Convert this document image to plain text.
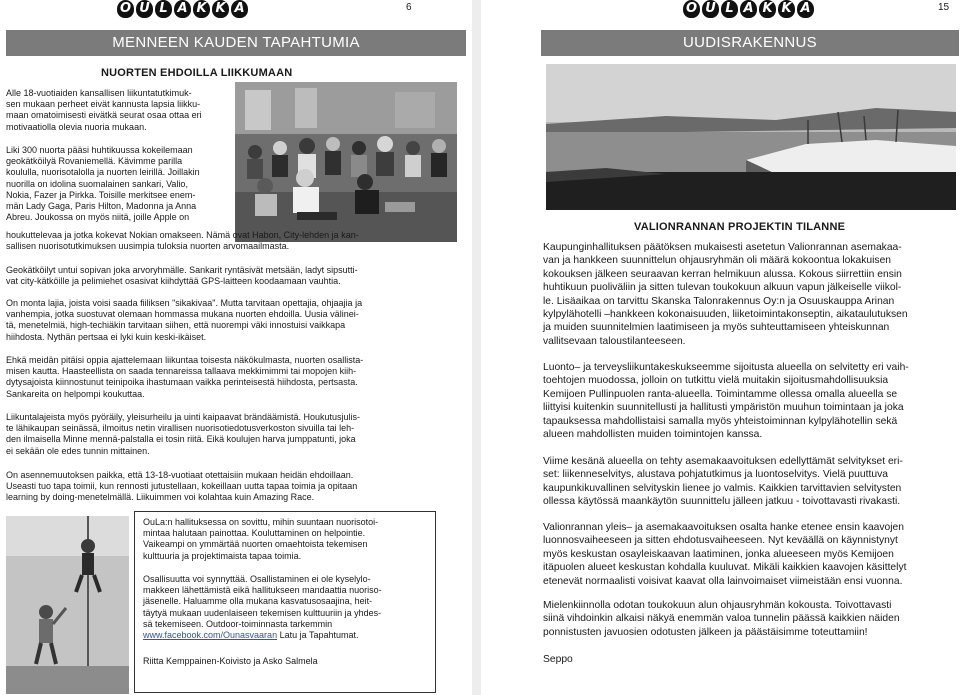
O U L A K K A	6
MENNEEN KAUDEN TAPAHTUMIA
NUORTEN EHDOILLA LIIKKUMAAN

Alle 18-vuotiaiden kansallisen liikuntatutkimuk-
sen mukaan perheet eivät kannusta lapsia liikku-
maan omatoimisesti eivätkä seurat osaa ottaa eri
motivaatiolla olevia nuoria mukaan.

Liki 300 nuorta pääsi huhtikuussa kokeilemaan
geokätköilyä Rovaniemellä. Kävimme parilla
koululla, nuorisotalolla ja nuorten leirillä. Joillakin
nuorilla on idolina suomalainen sankari, Valio,
Nokia, Fazer ja Pirkka. Toisille merkitsee enem-
män Lady Gaga, Paris Hilton, Madonna ja Anna
Abreu. Joukossa on myös niitä, joille Apple on

houkuttelevaa ja jotka kokevat Nokian omakseen. Nämä ovat Habon, City-lehden ja kan-
sallisen nuorisotutkimuksen uusimpia tuloksia nuorten arvomaailmasta.

Geokätköilyt untui sopivan joka arvoryhmälle. Sankarit ryntäsivät metsään, ladyt sipsutti-
vat city-kätköille ja pelimiehet osasivat kiihdyttää GPS-laitteen koodaamaan vauhtia.

On monta lajia, joista voisi saada fiiliksen "sikakivaa". Mutta tarvitaan opettajia, ohjaajia ja
vanhempia, jotka suostuvat olemaan hommassa mukana nuorten ehdoilla. Uusia välinei-
tä, menetelmiä, high-techiäkin tarvitaan siihen, että nuorempi väki innostuisi vaikkapa
hiihdosta. Nythän pertsaa ei lyki kuin keski-ikäiset.

Ehkä meidän pitäisi oppia ajattelemaan liikuntaa toisesta näkökulmasta, nuorten osallista-
misen kautta. Haasteellista on saada tennareissa tallaava mekkimimmi tai mopojen kiih-
dytysajoista kiinnostunut teinipoika ihastumaan vaikka perinteisestä hiihdosta, pertsasta.
Sankareita on helpompi koukuttaa.

Liikuntalajeista myös pyöräily, yleisurheilu ja uinti kaipaavat brändäämistä. Houkutusjulis-
te lähikaupan seinässä, ilmoitus netin virallisen nuorisotiedotusverkoston sivuilla tai leh-
den ilmaisella Minne mennä-palstalla ei tosin riitä. Eikä koulujen harva jumppatunti, joka
ei sekään ole edes tunnin mittainen.

On asennemuutoksen paikka, että 13-18-vuotiaat otettaisiin mukaan heidän ehdoillaan.
Useasti tuo tapa toimii, kun rennosti jutustellaan, kokeillaan uutta tapaa toimia ja opitaan
learning by doing-menetelmällä. Liikuimmen voi kolahtaa kuin Amazing Race.

OuLa:n hallituksessa on sovittu, mihin suuntaan nuorisotoi-
mintaa halutaan painottaa. Kouluttaminen on helpointie.
Vaikeampi on ymmärtää nuorten omaehtoista tekemisen
kulttuuria ja projektimaista tapaa toimia.

Osallisuutta voi synnyttää. Osallistaminen ei ole kyselylo-
makkeen lähettämistä eikä hallitukseen mandaattia nuoriso-
jäsenelle. Haluamme olla mukana kasvatusosaajina, heit-
täytyä mukaan uudenlaiseen tekemisen kulttuuriin ja yhdes-
sä tekemiseen. Outdoor-toiminnasta tarkemmin
www.facebook.com/Ounasvaaran Latu ja Tapahtumat.

Riitta Kemppainen-Koivisto ja Asko Salmela

O U L A K K A	15
UUDISRAKENNUS
VALIONRANNAN PROJEKTIN TILANNE

Kaupunginhallituksen päätöksen mukaisesti asetetun Valionrannan asemakaa-
van ja hankkeen suunnittelun ohjausryhmän oli määrä kokoontua lokakuisen
kokouksen jälkeen seuraavan kerran helmikuun alussa. Kokous siirrettiin ensin
huhtikuun puoliväliin ja sitten tulevan toukokuun alkuun vapun jälkeiselle viikol-
le. Lisäaikaa on tarvittu Skanska Talonrakennus Oy:n ja Osuuskauppa Arinan
kylpylähotelli –hankkeen kokonaisuuden, liiketoimintakonseptin, aikataulutuksen
ja muiden suunnitelmien laatimiseen ja myös suhteuttamiseen yhteiskunnan
vallitsevaan taloustilanteeseen.

Luonto– ja terveysliikuntakeskukseemme sijoitusta alueella on selvitetty eri vaih-
toehtojen muodossa, jolloin on tutkittu vielä muitakin sijoitusmahdollisuuksia
Kemijoen Pullinpuolen ranta-alueella. Toimintamme ollessa omalla alueella se
liittyisi kuitenkin suunnitellusti ja hallitusti ympäristön muuhun toimintaan ja joka
tapauksessa mahdollistaisi samalla myös yhteistoiminnan kylpylähotellin sekä
alueen mahdollisten muiden toimintojen kanssa.

Viime kesänä alueella on tehty asemakaavoituksen edellyttämät selvitykset eri-
set: liikenneselvitys, alustava pohjatutkimus ja luontoselvitys. Vielä puuttuva
kaupunkikuvallinen selvityskin lienee jo valmis. Kaikkien tarvittavien selvitysten
ollessa käytössä maankäytön suunnittelu jälleen jatkuu - toivottavasti rivakasti.

Valionrannan yleis– ja asemakaavoituksen osalta hanke etenee ensin kaavojen
luonnosvaiheeseen ja sitten ehdotusvaiheeseen. Nyt keväällä on käynnistynyt
myös keskustan osayleiskaavan laatiminen, jonka alueeseen myös Kemijoen
itäpuolen alueet keskustan kohdalla kuuluvat. Mikäli kaikkien kaavojen käsittelyt
etenevät normaalisti voisivat kaavat olla lainvoimaiset viimeistään ensi vuonna.

Mielenkiinnolla odotan toukokuun alun ohjausryhmän kokousta. Toivottavasti
siinä vihdoinkin alkaisi näkyä enemmän valoa tunnelin päässä kaikkien näiden
ponnistusten javuosien odotusten jälkeen ja päästäisimme toteuttamiin!

Seppo
